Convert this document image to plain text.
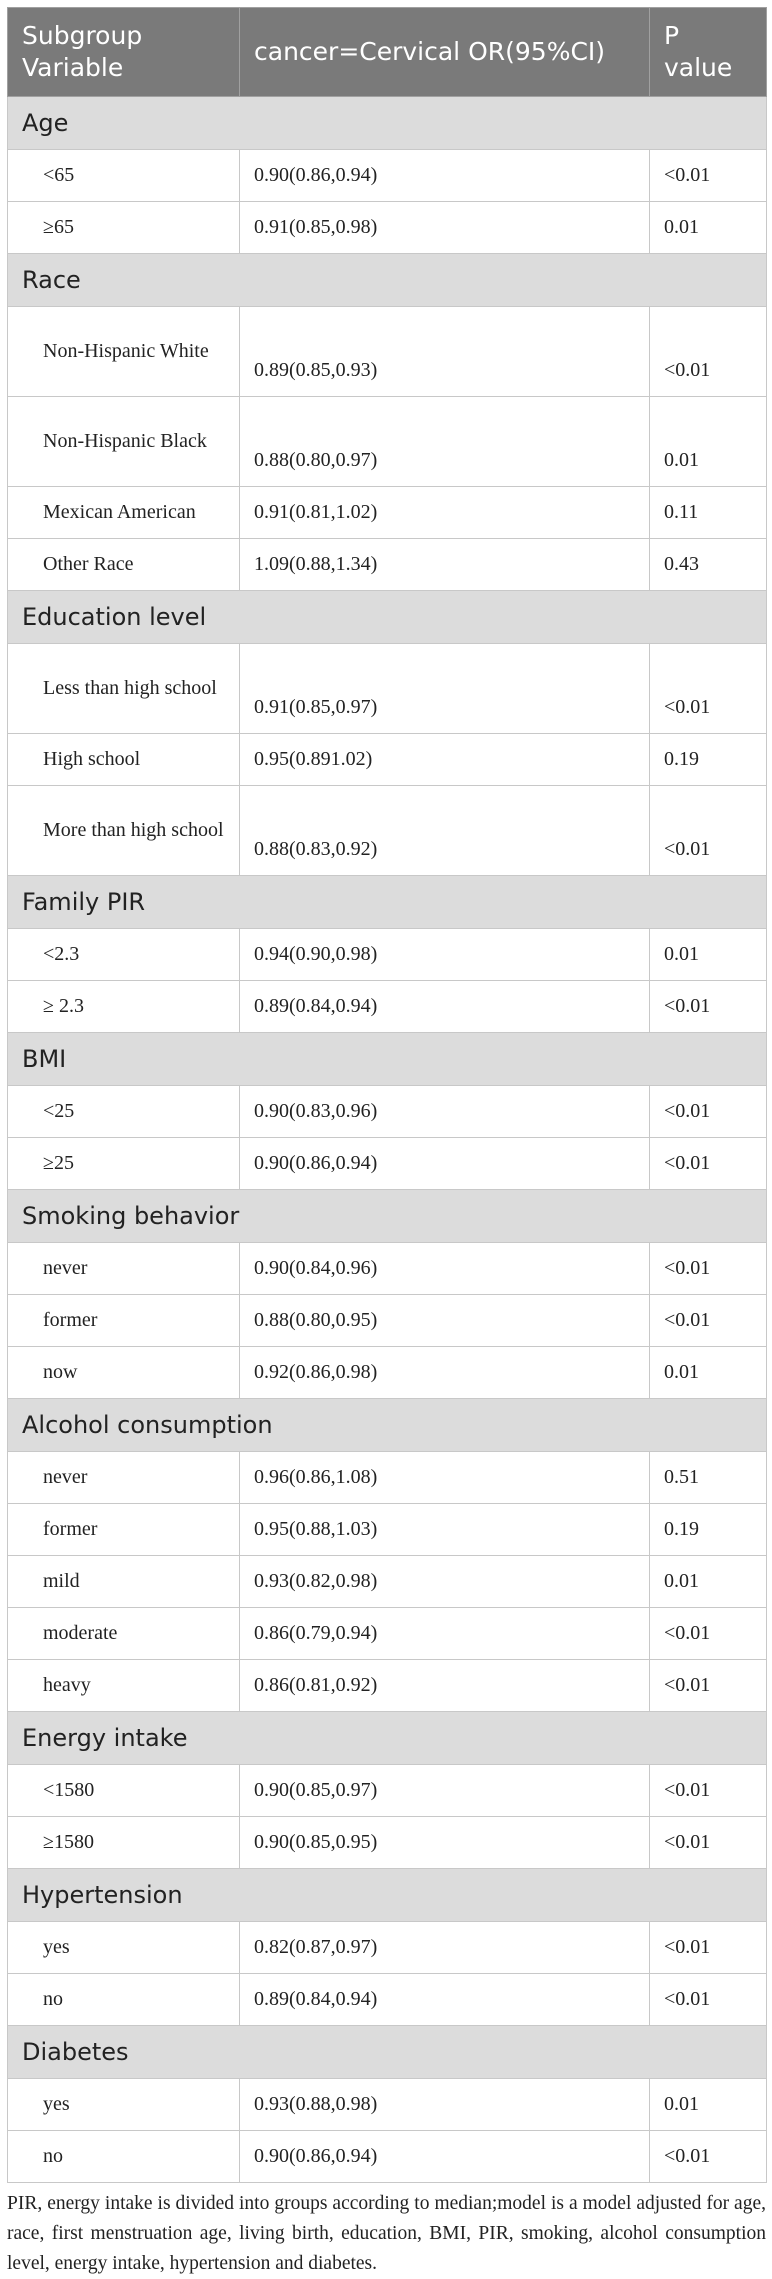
Subgroup
Variable	cancer=Cervical OR(95%CI)	P value
Age		
<65	0.90(0.86,0.94)	<0.01
≥65	0.91(0.85,0.98)	0.01
Race		
Non-Hispanic White	0.89(0.85,0.93)	<0.01
Non-Hispanic Black	0.88(0.80,0.97)	0.01
Mexican American	0.91(0.81,1.02)	0.11
Other Race	1.09(0.88,1.34)	0.43
Education level		
Less than high school	0.91(0.85,0.97)	<0.01
High school	0.95(0.891.02)	0.19
More than high school	0.88(0.83,0.92)	<0.01
Family PIR		
<2.3	0.94(0.90,0.98)	0.01
≥ 2.3	0.89(0.84,0.94)	<0.01
BMI		
<25	0.90(0.83,0.96)	<0.01
≥25	0.90(0.86,0.94)	<0.01
Smoking behavior		
never	0.90(0.84,0.96)	<0.01
former	0.88(0.80,0.95)	<0.01
now	0.92(0.86,0.98)	0.01
Alcohol consumption		
never	0.96(0.86,1.08)	0.51
former	0.95(0.88,1.03)	0.19
mild	0.93(0.82,0.98)	0.01
moderate	0.86(0.79,0.94)	<0.01
heavy	0.86(0.81,0.92)	<0.01
Energy intake		
<1580	0.90(0.85,0.97)	<0.01
≥1580	0.90(0.85,0.95)	<0.01
Hypertension		
yes	0.82(0.87,0.97)	<0.01
no	0.89(0.84,0.94)	<0.01
Diabetes		
yes	0.93(0.88,0.98)	0.01
no	0.90(0.86,0.94)	<0.01
PIR, energy intake is divided into groups according to median;model is a model adjusted for age, race, first menstruation age, living birth, education, BMI, PIR, smoking, alcohol consumption level, energy intake, hypertension and diabetes.
